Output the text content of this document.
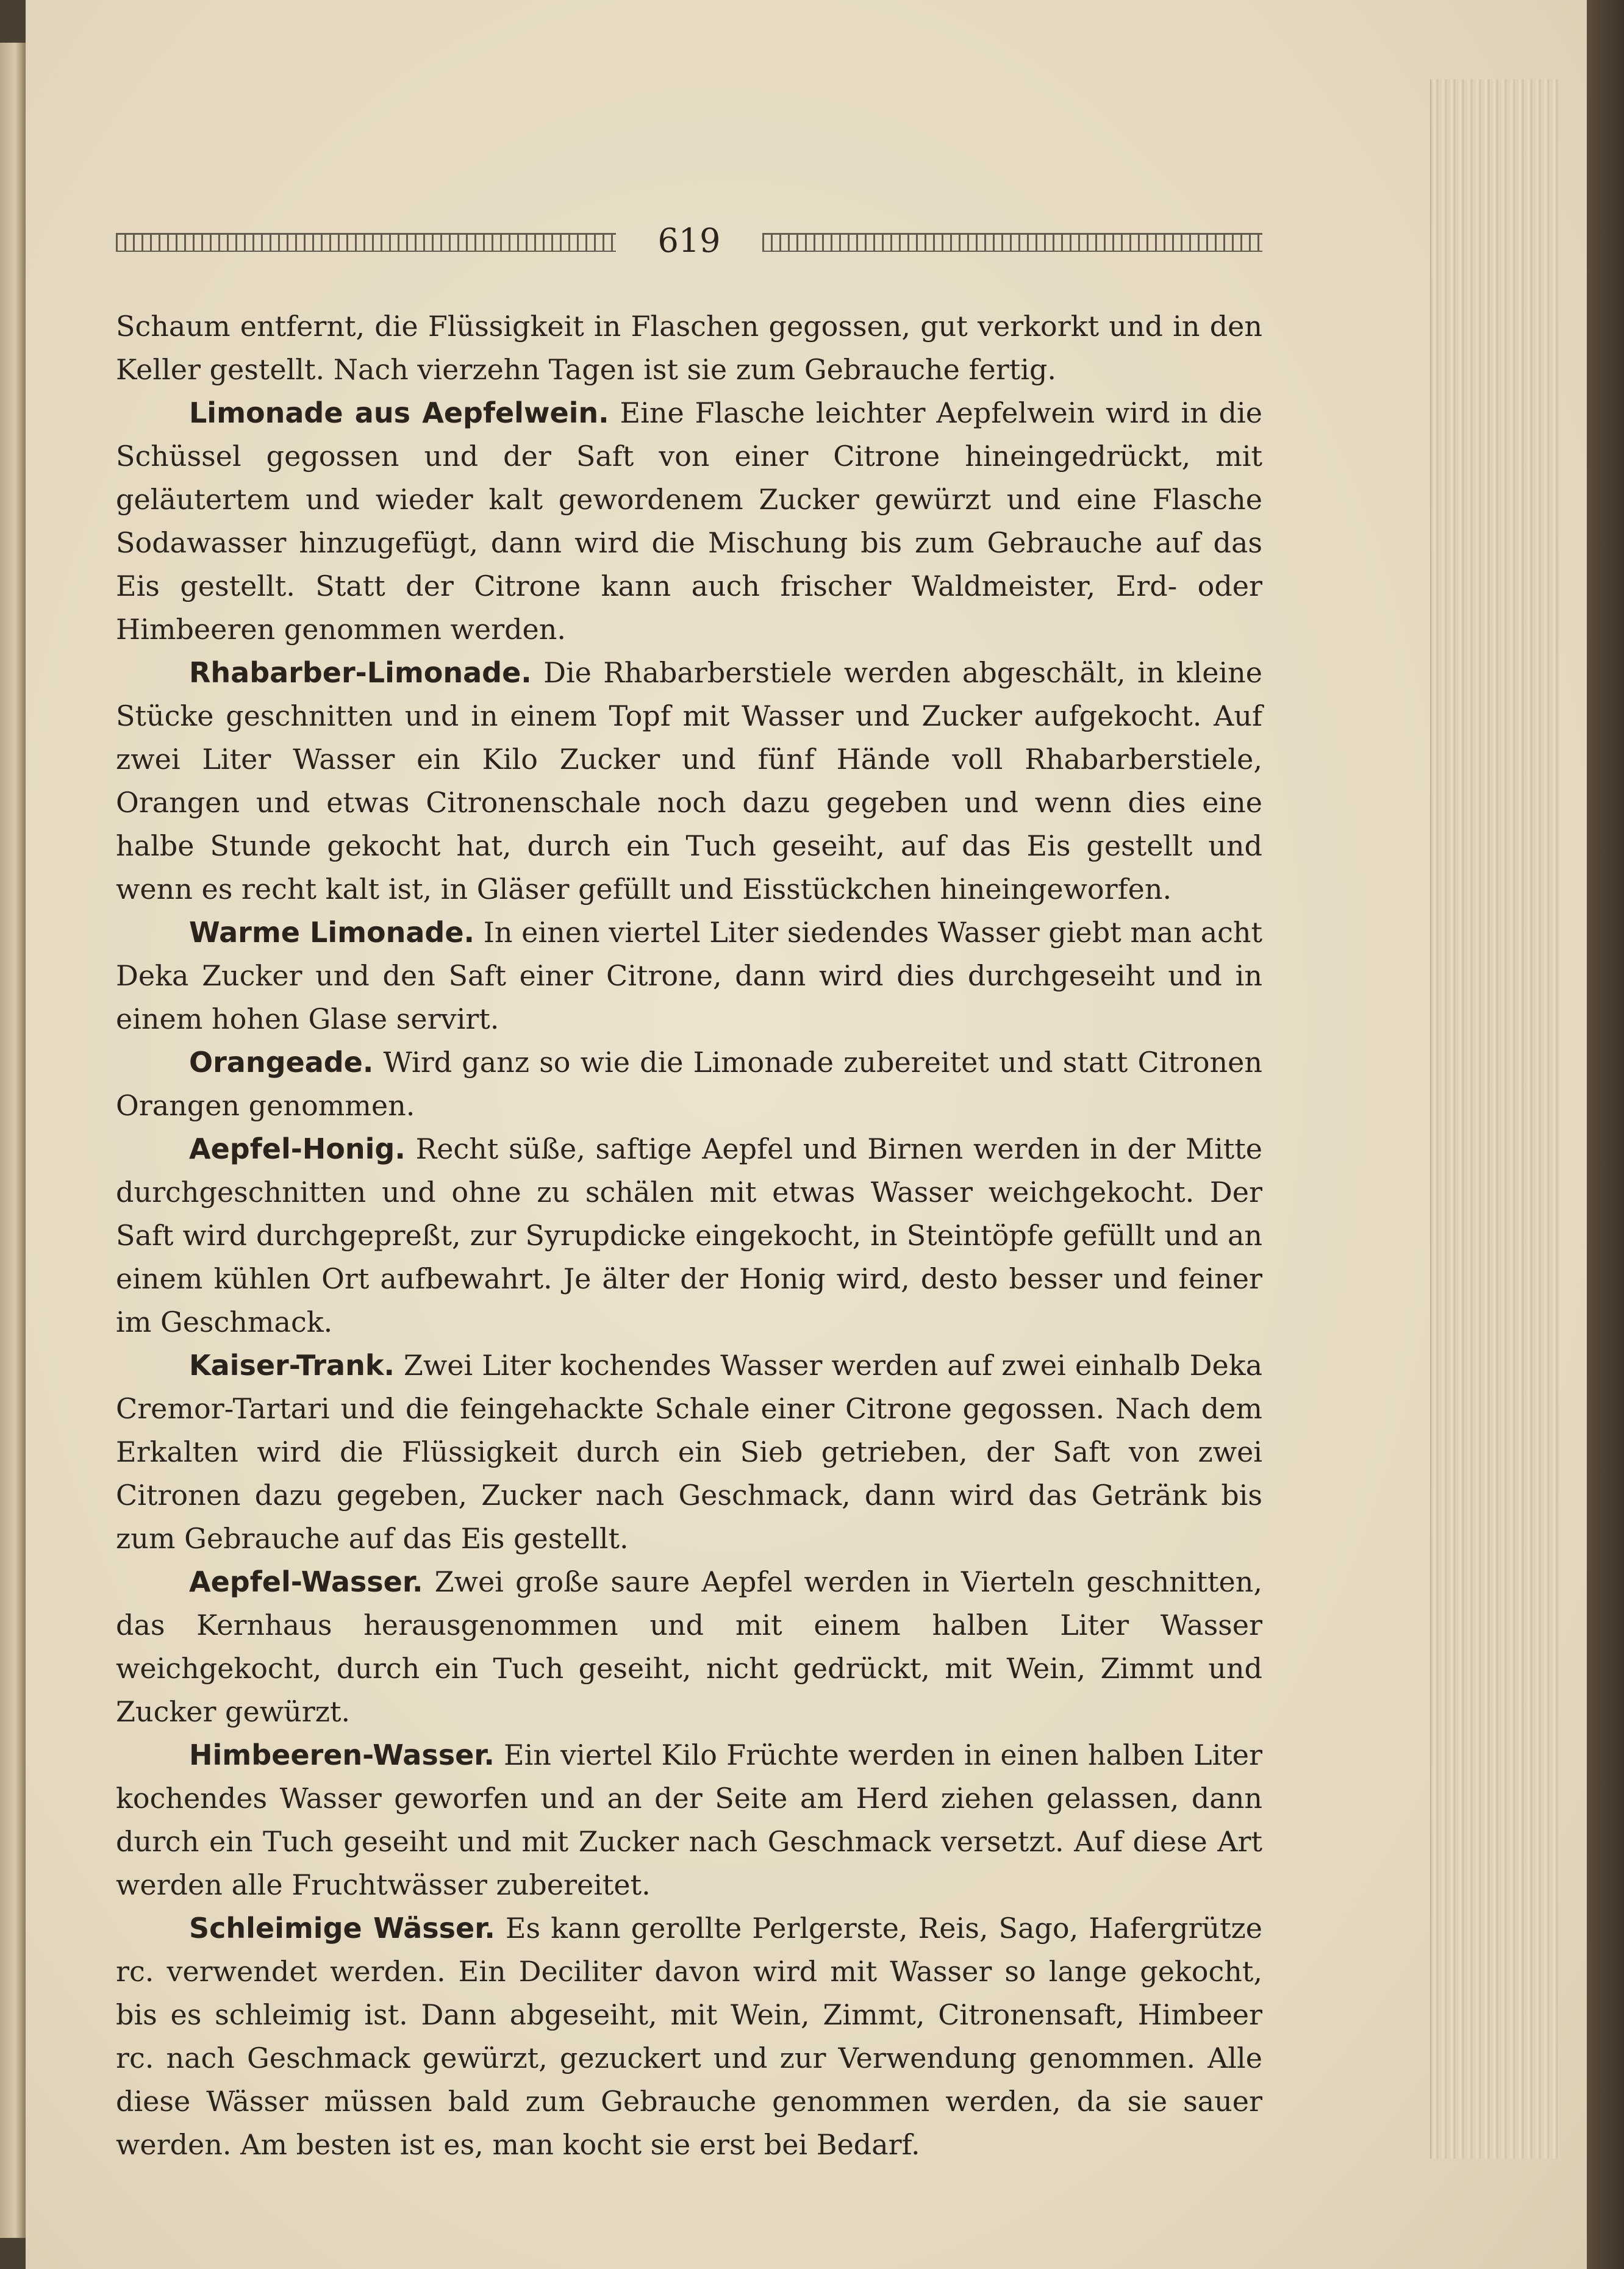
619

Schaum entfernt, die Flüssigkeit in Flaschen gegossen, gut verkorkt und in den Keller gestellt. Nach vierzehn Tagen ist sie zum Gebrauche fertig.

Limonade aus Aepfelwein. Eine Flasche leichter Aepfelwein wird in die Schüssel gegossen und der Saft von einer Citrone hineingedrückt, mit geläutertem und wieder kalt gewordenem Zucker gewürzt und eine Flasche Sodawasser hinzugefügt, dann wird die Mischung bis zum Gebrauche auf das Eis gestellt. Statt der Citrone kann auch frischer Waldmeister, Erd- oder Himbeeren genommen werden.

Rhabarber-Limonade. Die Rhabarberstiele werden abgeschält, in kleine Stücke geschnitten und in einem Topf mit Wasser und Zucker aufgekocht. Auf zwei Liter Wasser ein Kilo Zucker und fünf Hände voll Rhabarberstiele, Orangen und etwas Citronenschale noch dazu gegeben und wenn dies eine halbe Stunde gekocht hat, durch ein Tuch geseiht, auf das Eis gestellt und wenn es recht kalt ist, in Gläser gefüllt und Eisstückchen hineingeworfen.

Warme Limonade. In einen viertel Liter siedendes Wasser giebt man acht Deka Zucker und den Saft einer Citrone, dann wird dies durchgeseiht und in einem hohen Glase servirt.

Orangeade. Wird ganz so wie die Limonade zubereitet und statt Citronen Orangen genommen.

Aepfel-Honig. Recht süße, saftige Aepfel und Birnen werden in der Mitte durchgeschnitten und ohne zu schälen mit etwas Wasser weichgekocht. Der Saft wird durchgepreßt, zur Syrupdicke eingekocht, in Steintöpfe gefüllt und an einem kühlen Ort aufbewahrt. Je älter der Honig wird, desto besser und feiner im Geschmack.

Kaiser-Trank. Zwei Liter kochendes Wasser werden auf zwei einhalb Deka Cremor-Tartari und die feingehackte Schale einer Citrone gegossen. Nach dem Erkalten wird die Flüssigkeit durch ein Sieb getrieben, der Saft von zwei Citronen dazu gegeben, Zucker nach Geschmack, dann wird das Getränk bis zum Gebrauche auf das Eis gestellt.

Aepfel-Wasser. Zwei große saure Aepfel werden in Vierteln geschnitten, das Kernhaus herausgenommen und mit einem halben Liter Wasser weichgekocht, durch ein Tuch geseiht, nicht gedrückt, mit Wein, Zimmt und Zucker gewürzt.

Himbeeren-Wasser. Ein viertel Kilo Früchte werden in einen halben Liter kochendes Wasser geworfen und an der Seite am Herd ziehen gelassen, dann durch ein Tuch geseiht und mit Zucker nach Geschmack versetzt. Auf diese Art werden alle Fruchtwässer zubereitet.

Schleimige Wässer. Es kann gerollte Perlgerste, Reis, Sago, Hafergrütze rc. verwendet werden. Ein Deciliter davon wird mit Wasser so lange gekocht, bis es schleimig ist. Dann abgeseiht, mit Wein, Zimmt, Citronensaft, Himbeer rc. nach Geschmack gewürzt, gezuckert und zur Verwendung genommen. Alle diese Wässer müssen bald zum Gebrauche genommen werden, da sie sauer werden. Am besten ist es, man kocht sie erst bei Bedarf.
